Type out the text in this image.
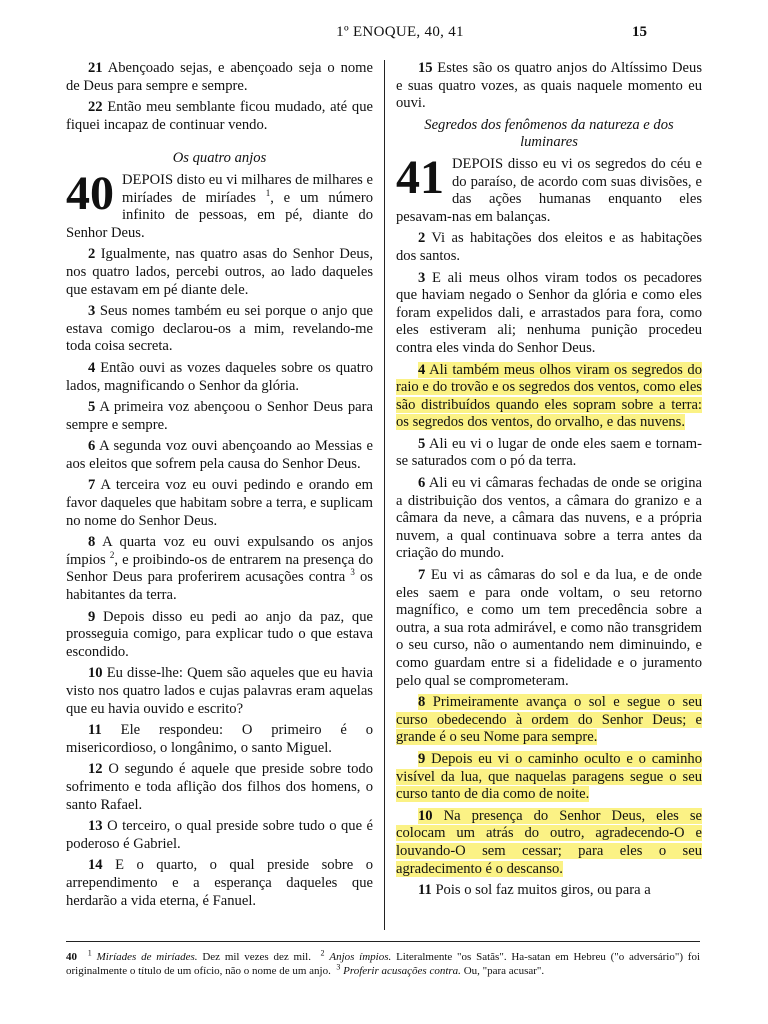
1º ENOQUE, 40, 41	15

21 Abençoado sejas, e abençoado seja o nome de Deus para sempre e sempre.

22 Então meu semblante ficou mudado, até que fiquei incapaz de continuar vendo.

Os quatro anjos

40 DEPOIS disto eu vi milhares de milhares e miríades de miríades $^1$, e um número infinito de pessoas, em pé, diante do Senhor Deus.

2 Igualmente, nas quatro asas do Senhor Deus, nos quatro lados, percebi outros, ao lado daqueles que estavam em pé diante dele.

3 Seus nomes também eu sei porque o anjo que estava comigo declarou-os a mim, revelando-me toda coisa secreta.

4 Então ouvi as vozes daqueles sobre os quatro lados, magnificando o Senhor da glória.

5 A primeira voz abençoou o Senhor Deus para sempre e sempre.

6 A segunda voz ouvi abençoando ao Messias e aos eleitos que sofrem pela causa do Senhor Deus.

7 A terceira voz eu ouvi pedindo e orando em favor daqueles que habitam sobre a terra, e suplicam no nome do Senhor Deus.

8 A quarta voz eu ouvi expulsando os anjos ímpios $^2$, e proibindo-os de entrarem na presença do Senhor Deus para proferirem acusações contra $^3$ os habitantes da terra.

9 Depois disso eu pedi ao anjo da paz, que prosseguia comigo, para explicar tudo o que estava escondido.

10 Eu disse-lhe: Quem são aqueles que eu havia visto nos quatro lados e cujas palavras eram aquelas que eu havia ouvido e escrito?

11 Ele respondeu: O primeiro é o misericordioso, o longânimo, o santo Miguel.

12 O segundo é aquele que preside sobre todo sofrimento e toda aflição dos filhos dos homens, o santo Rafael.

13 O terceiro, o qual preside sobre tudo o que é poderoso é Gabriel.

14 E o quarto, o qual preside sobre o arrependimento e a esperança daqueles que herdarão a vida eterna, é Fanuel.

15 Estes são os quatro anjos do Altíssimo Deus e suas quatro vozes, as quais naquele momento eu ouvi.

Segredos dos fenômenos da natureza e dos luminares

41 DEPOIS disso eu vi os segredos do céu e do paraíso, de acordo com suas divisões, e das ações humanas enquanto eles pesavam-nas em balanças.

2 Vi as habitações dos eleitos e as habitações dos santos.

3 E ali meus olhos viram todos os pecadores que haviam negado o Senhor da glória e como eles foram expelidos dali, e arrastados para fora, como eles estiveram ali; nenhuma punição procedeu contra eles vinda do Senhor Deus.

4 Ali também meus olhos viram os segredos do raio e do trovão e os segredos dos ventos, como eles são distribuídos quando eles sopram sobre a terra: os segredos dos ventos, do orvalho, e das nuvens.

5 Ali eu vi o lugar de onde eles saem e tornam-se saturados com o pó da terra.

6 Ali eu vi câmaras fechadas de onde se origina a distribuição dos ventos, a câmara do granizo e a câmara da neve, a câmara das nuvens, e a própria nuvem, a qual continuava sobre a terra antes da criação do mundo.

7 Eu vi as câmaras do sol e da lua, e de onde eles saem e para onde voltam, o seu retorno magnífico, e como um tem precedência sobre a outra, a sua rota admirável, e como não transgridem o seu curso, não o aumentando nem diminuindo, e como guardam entre si a fidelidade e o juramento pelo qual se comprometeram.

8 Primeiramente avança o sol e segue o seu curso obedecendo à ordem do Senhor Deus; e grande é o seu Nome para sempre.

9 Depois eu vi o caminho oculto e o caminho visível da lua, que naquelas paragens segue o seu curso tanto de dia como de noite.

10 Na presença do Senhor Deus, eles se colocam um atrás do outro, agradecendo-O e louvando-O sem cessar; para eles o seu agradecimento é o descanso.

11 Pois o sol faz muitos giros, ou para a

40 $^1$ Miríades de miríades. Dez mil vezes dez mil. $^2$ Anjos ímpios. Literalmente "os Satãs". Ha-satan em Hebreu ("o adversário") foi originalmente o título de um ofício, não o nome de um anjo. $^3$ Proferir acusações contra. Ou, "para acusar".
